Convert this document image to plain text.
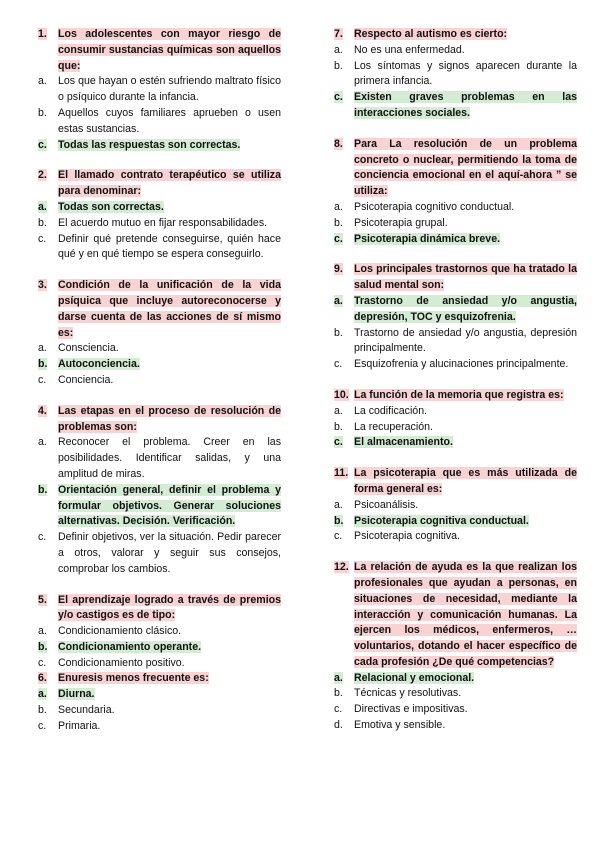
1.	Los adolescentes con mayor riesgo de consumir sustancias químicas son aquellos que:
a.	Los que hayan o estén sufriendo maltrato físico o psíquico durante la infancia.
b.	Aquellos cuyos familiares aprueben o usen estas sustancias.
c.	Todas las respuestas son correctas.
2.	El llamado contrato terapéutico se utiliza para denominar:
a.	Todas son correctas.
b.	El acuerdo mutuo en fijar responsabilidades.
c.	Definir qué pretende conseguirse, quién hace qué y en qué tiempo se espera conseguirlo.
3.	Condición de la unificación de la vida psíquica que incluye autoreconocerse y darse cuenta de las acciones de sí mismo es:
a.	Consciencia.
b. Autoconciencia.
c.	Conciencia.
4.	Las etapas en el proceso de resolución de problemas son:
a.	Reconocer el problema. Creer en las posibilidades. Identificar salidas, y una amplitud de miras.
b. Orientación general, definir el problema y formular objetivos. Generar soluciones alternativas. Decisión. Verificación.
c.	Definir objetivos, ver la situación. Pedir parecer a otros, valorar y seguir sus consejos, comprobar los cambios.
5.	El aprendizaje logrado a través de premios y/o castigos es de tipo:
a.	Condicionamiento clásico.
b. Condicionamiento operante.
c.	Condicionamiento positivo.
6.	Enuresis menos frecuente es:
a.	Diurna.
b.	Secundaria.
c.	Primaria.
7.	Respecto al autismo es cierto:
a.	No es una enfermedad.
b.	Los síntomas y signos aparecen durante la primera infancia.
c.	Existen graves problemas en las interacciones sociales.
8.	Para La resolución de un problema concreto o nuclear, permitiendo la toma de conciencia emocional en el aquí-ahora ” se utiliza:
a.	Psicoterapia cognitivo conductual.
b.	Psicoterapia grupal.
c.	Psicoterapia dinámica breve.
9.	Los principales trastornos que ha tratado la salud mental son:
a.	Trastorno de ansiedad y/o angustia, depresión, TOC y esquizofrenia.
b.	Trastorno de ansiedad y/o angustia, depresión principalmente.
c.	Esquizofrenia y alucinaciones principalmente.
10. La función de la memoria que registra es:
a.	La codificación.
b.	La recuperación.
c.	El almacenamiento.
11. La psicoterapia que es más utilizada de forma general es:
a.	Psicoanálisis.
b. Psicoterapia cognitiva conductual.
c.	Psicoterapia cognitiva.
12. La relación de ayuda es la que realizan los profesionales que ayudan a personas, en situaciones de necesidad, mediante la interacción y comunicación humanas. La ejercen los médicos, enfermeros, … voluntarios, dotando el hacer específico de cada profesión ¿De qué competencias?
a.	Relacional y emocional.
b.	Técnicas y resolutivas.
c.	Directivas e impositivas.
d.	Emotiva y sensible.
